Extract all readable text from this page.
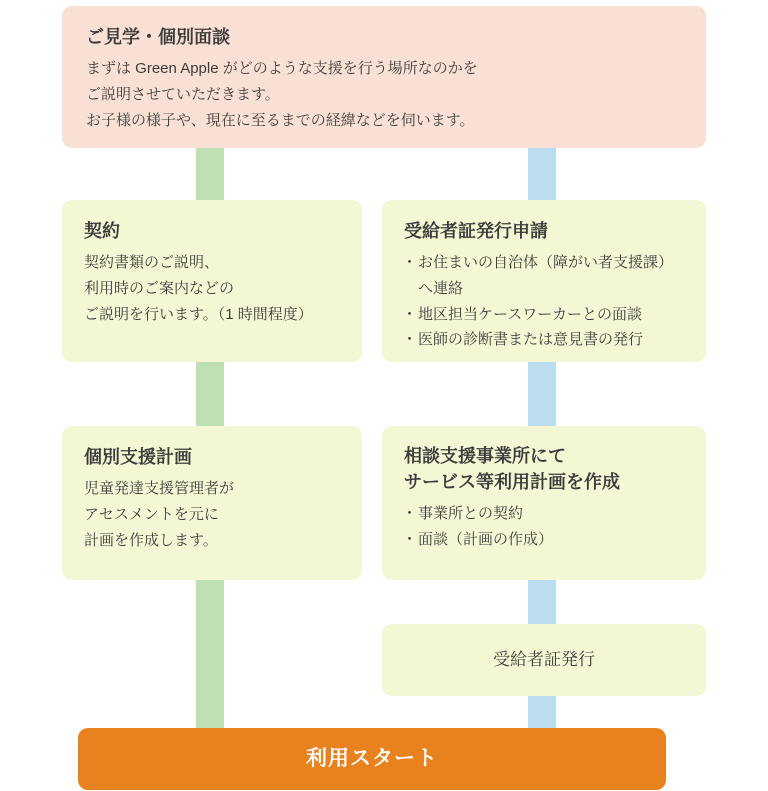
ご見学・個別面談
まずは Green Apple がどのような支援を行う場所なのかを
ご説明させていただきます。
お子様の様子や、現在に至るまでの経緯などを伺います。
契約
契約書類のご説明、
利用時のご案内などの
ご説明を行います。（1 時間程度）
受給者証発行申請
・ お住まいの自治体（障がい者支援課）
へ連絡
・ 地区担当ケースワーカーとの面談
・ 医師の診断書または意見書の発行
個別支援計画
児童発達支援管理者が
アセスメントを元に
計画を作成します。
相談支援事業所にて
サービス等利用計画を作成
・ 事業所との契約
・ 面談（計画の作成）
受給者証発行
利用スタート
